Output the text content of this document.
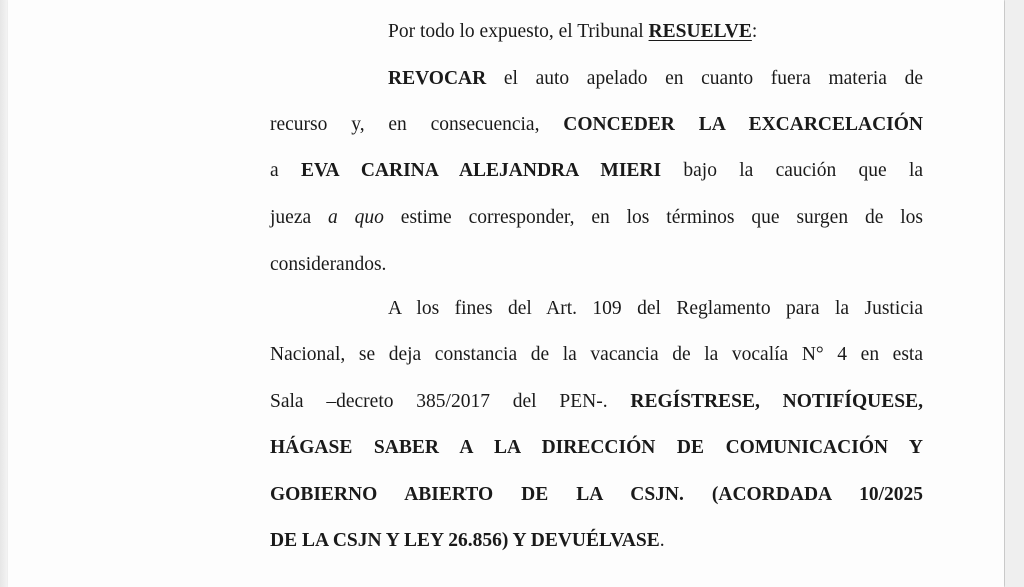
Por todo lo expuesto, el Tribunal RESUELVE:
REVOCAR el auto apelado en cuanto fuera materia de
recurso y, en consecuencia, CONCEDER LA EXCARCELACIÓN
a EVA CARINA ALEJANDRA MIERI bajo la caución que la
jueza a quo estime corresponder, en los términos que surgen de los
considerandos.
A los fines del Art. 109 del Reglamento para la Justicia
Nacional, se deja constancia de la vacancia de la vocalía N° 4 en esta
Sala –decreto 385/2017 del PEN-. REGÍSTRESE, NOTIFÍQUESE,
HÁGASE SABER A LA DIRECCIÓN DE COMUNICACIÓN Y
GOBIERNO ABIERTO DE LA CSJN. (ACORDADA 10/2025
DE LA CSJN Y LEY 26.856) Y DEVUÉLVASE.
